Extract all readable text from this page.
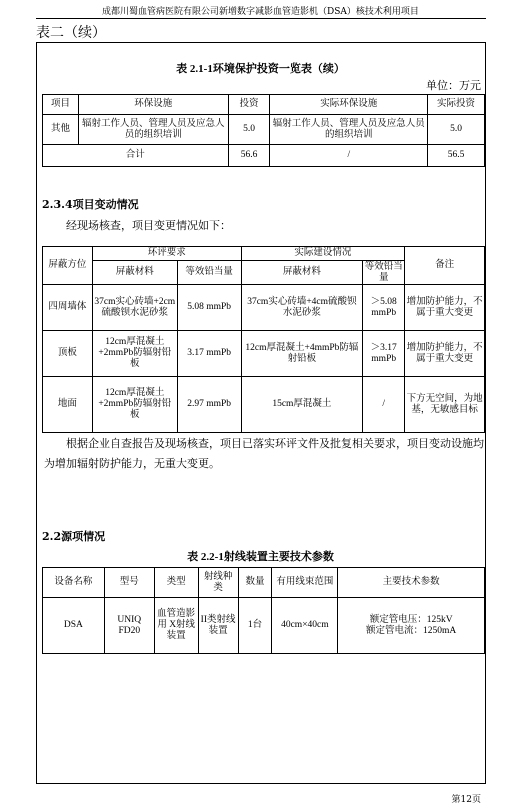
成都川蜀血管病医院有限公司新增数字减影血管造影机（DSA）核技术利用项目
表二（续）
表 2.1-1环境保护投资一览表（续）
单位：万元
项目	环保设施	投资	实际环保设施	实际投资
其他	辐射工作人员、管理人员及应急人员的组织培训	5.0	辐射工作人员、管理人员及应急人员的组织培训	5.0
合计		56.6	/	56.5
2.3.4项目变动情况
经现场核查，项目变更情况如下：
屏蔽方位	环评要求		实际建设情况		备注
	屏蔽材料	等效铅当量	屏蔽材料	等效铅当量	
四周墙体	37cm实心砖墙+2cm硫酸钡水泥砂浆	5.08 mmPb	37cm实心砖墙+4cm硫酸钡水泥砂浆	＞5.08 mmPb	增加防护能力，不属于重大变更
顶板	12cm厚混凝土+2mmPb防辐射铅板	3.17 mmPb	12cm厚混凝土+4mmPb防辐射铅板	＞3.17 mmPb	增加防护能力，不属于重大变更
地面	12cm厚混凝土+2mmPb防辐射铅板	2.97 mmPb	15cm厚混凝土	/	下方无空间，为地基，无敏感目标
根据企业自查报告及现场核查，项目已落实环评文件及批复相关要求，项目变动设施均为增加辐射防护能力，无重大变更。
2.2源项情况
表 2.2-1射线装置主要技术参数
设备名称	型号	类型	射线种类	数量	有用线束范围	主要技术参数
DSA	UNIQ FD20	血管造影用 X射线装置	II类射线装置	1台	40cm×40cm	额定管电压：125kV
额定管电流：1250mA
第12页
